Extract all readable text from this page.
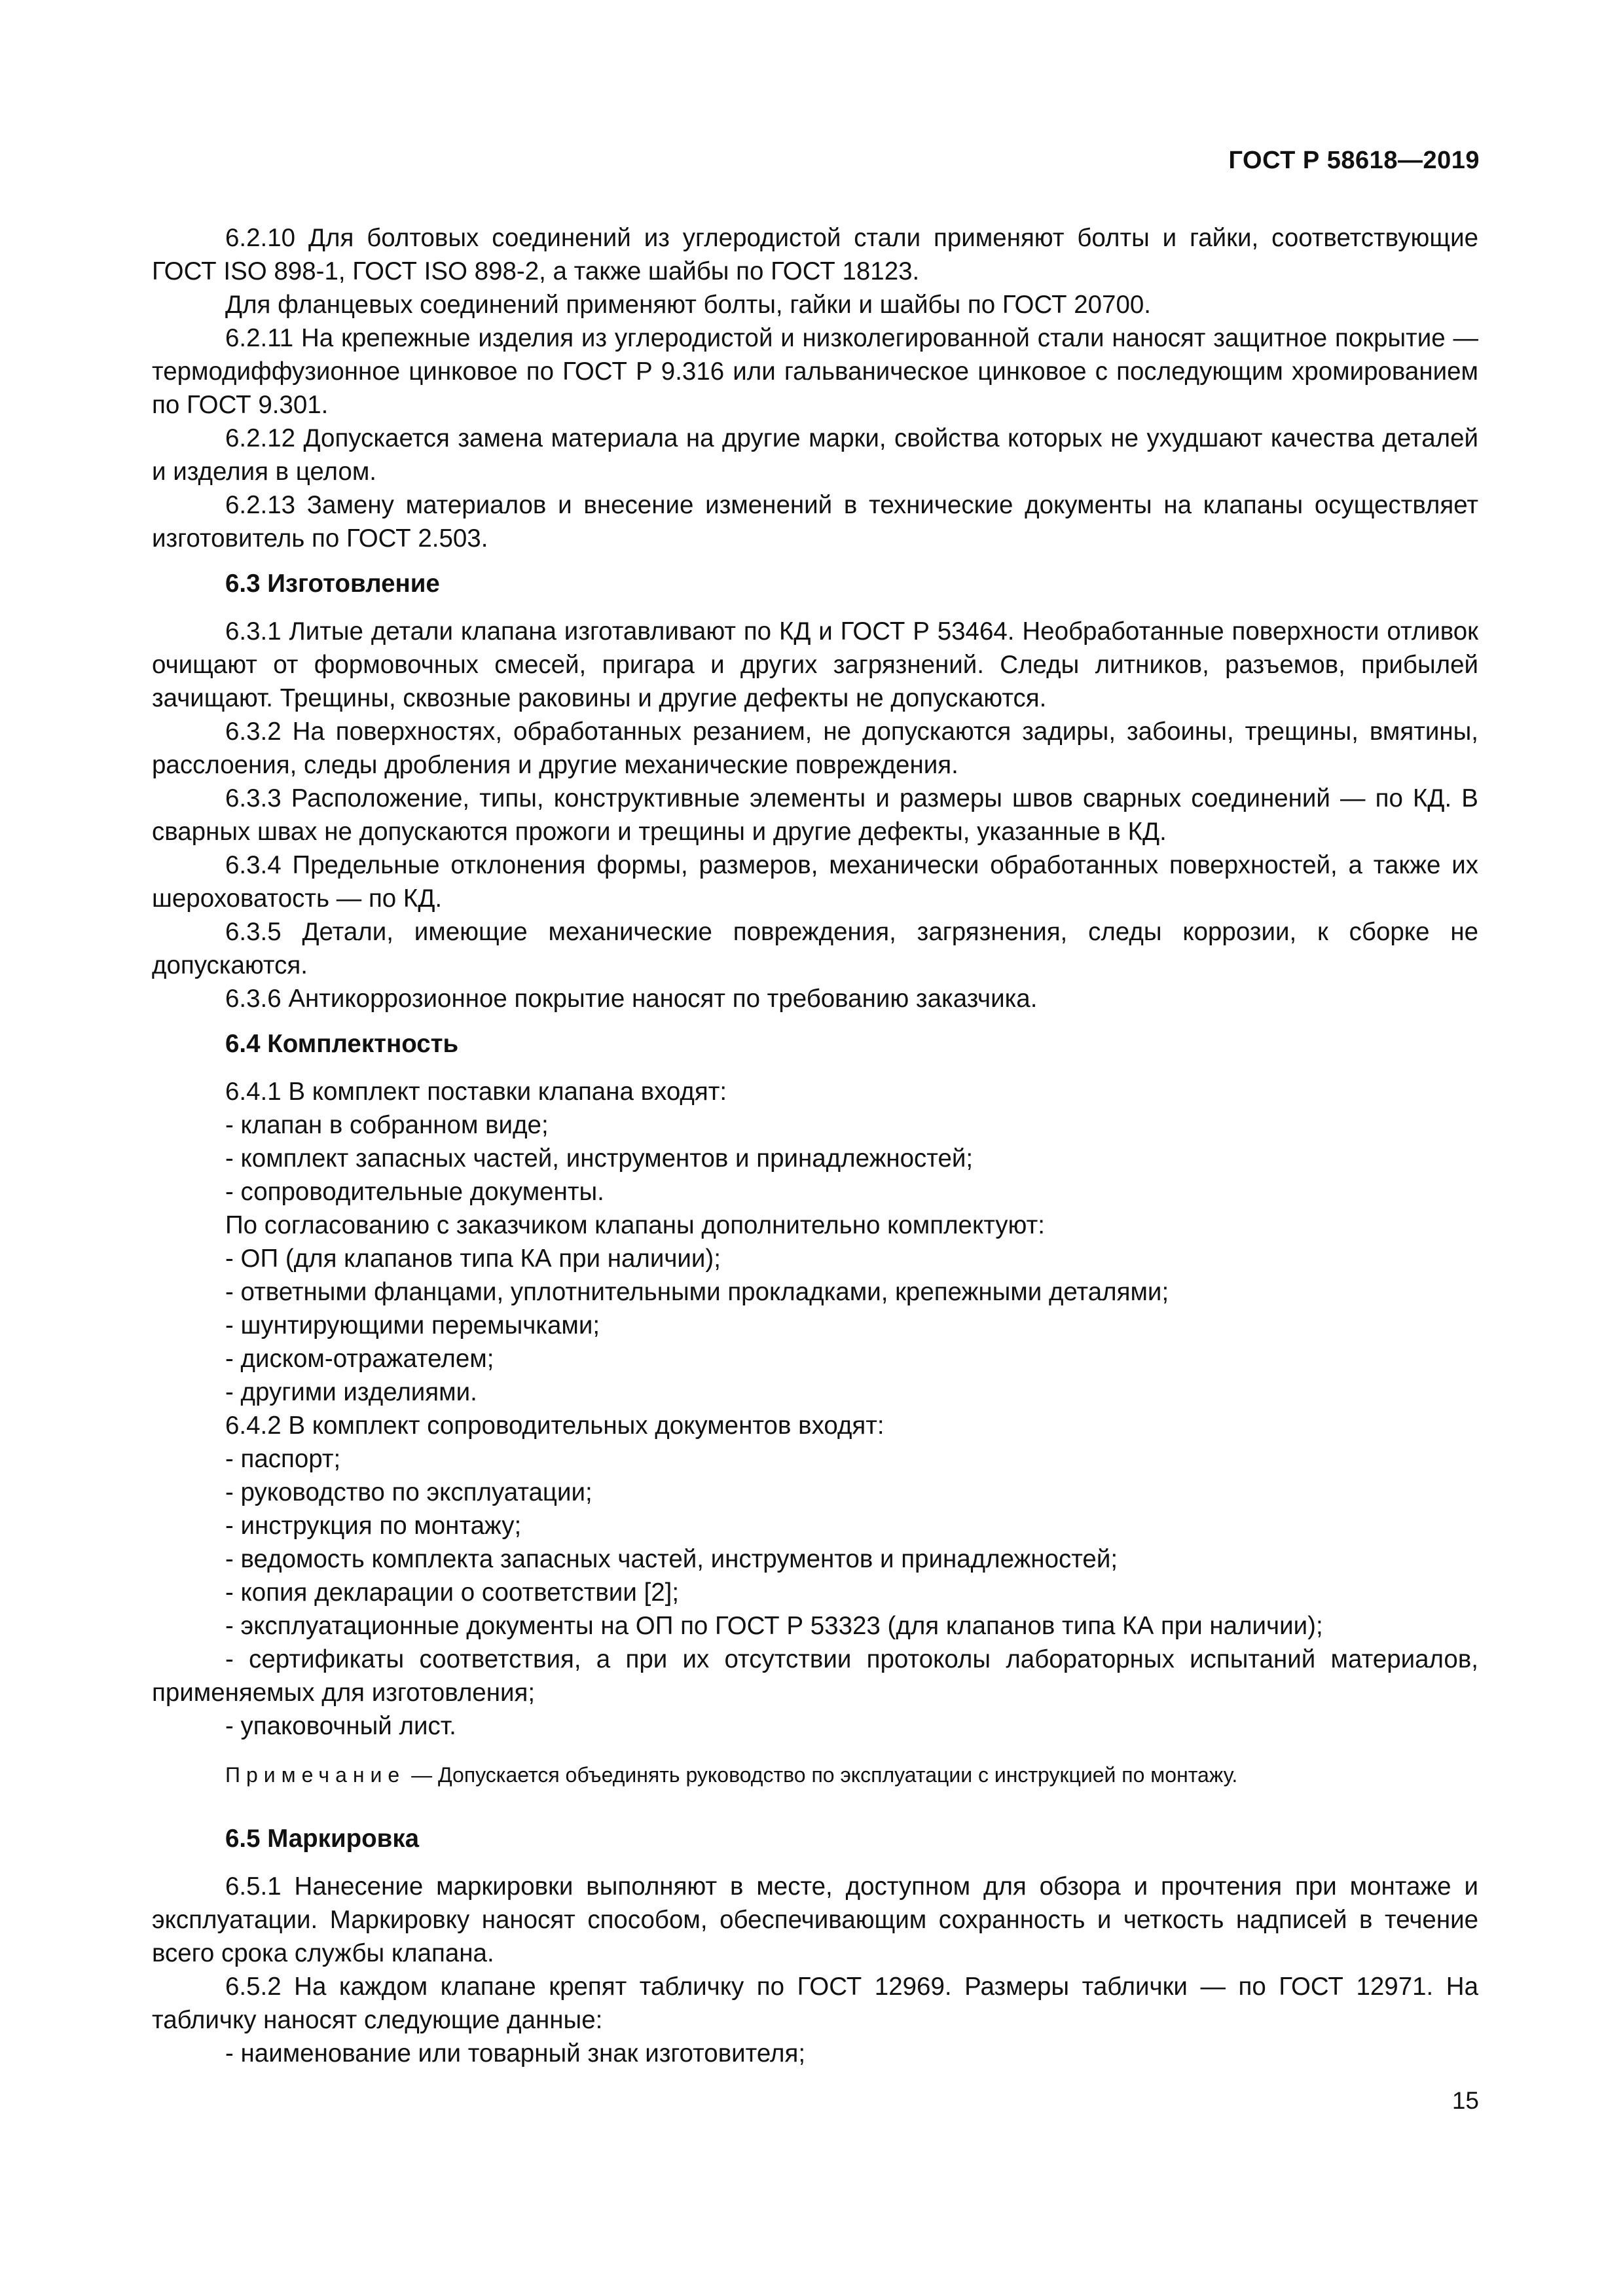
ГОСТ Р 58618—2019
6.2.10 Для болтовых соединений из углеродистой стали применяют болты и гайки, соответствующие ГОСТ ISO 898-1, ГОСТ ISO 898-2, а также шайбы по ГОСТ 18123.
Для фланцевых соединений применяют болты, гайки и шайбы по ГОСТ 20700.
6.2.11 На крепежные изделия из углеродистой и низколегированной стали наносят защитное покрытие — термодиффузионное цинковое по ГОСТ Р 9.316 или гальваническое цинковое с последующим хромированием по ГОСТ 9.301.
6.2.12 Допускается замена материала на другие марки, свойства которых не ухудшают качества деталей и изделия в целом.
6.2.13 Замену материалов и внесение изменений в технические документы на клапаны осуществляет изготовитель по ГОСТ 2.503.
6.3 Изготовление
6.3.1 Литые детали клапана изготавливают по КД и ГОСТ Р 53464. Необработанные поверхности отливок очищают от формовочных смесей, пригара и других загрязнений. Следы литников, разъемов, прибылей зачищают. Трещины, сквозные раковины и другие дефекты не допускаются.
6.3.2 На поверхностях, обработанных резанием, не допускаются задиры, забоины, трещины, вмятины, расслоения, следы дробления и другие механические повреждения.
6.3.3 Расположение, типы, конструктивные элементы и размеры швов сварных соединений — по КД. В сварных швах не допускаются прожоги и трещины и другие дефекты, указанные в КД.
6.3.4 Предельные отклонения формы, размеров, механически обработанных поверхностей, а также их шероховатость — по КД.
6.3.5 Детали, имеющие механические повреждения, загрязнения, следы коррозии, к сборке не допускаются.
6.3.6 Антикоррозионное покрытие наносят по требованию заказчика.
6.4 Комплектность
6.4.1 В комплект поставки клапана входят:
- клапан в собранном виде;
- комплект запасных частей, инструментов и принадлежностей;
- сопроводительные документы.
По согласованию с заказчиком клапаны дополнительно комплектуют:
- ОП (для клапанов типа КА при наличии);
- ответными фланцами, уплотнительными прокладками, крепежными деталями;
- шунтирующими перемычками;
- диском-отражателем;
- другими изделиями.
6.4.2 В комплект сопроводительных документов входят:
- паспорт;
- руководство по эксплуатации;
- инструкция по монтажу;
- ведомость комплекта запасных частей, инструментов и принадлежностей;
- копия декларации о соответствии [2];
- эксплуатационные документы на ОП по ГОСТ Р 53323 (для клапанов типа КА при наличии);
- сертификаты соответствия, а при их отсутствии протоколы лабораторных испытаний материалов, применяемых для изготовления;
- упаковочный лист.
Примечание — Допускается объединять руководство по эксплуатации с инструкцией по монтажу.
6.5 Маркировка
6.5.1 Нанесение маркировки выполняют в месте, доступном для обзора и прочтения при монтаже и эксплуатации. Маркировку наносят способом, обеспечивающим сохранность и четкость надписей в течение всего срока службы клапана.
6.5.2 На каждом клапане крепят табличку по ГОСТ 12969. Размеры таблички — по ГОСТ 12971. На табличку наносят следующие данные:
- наименование или товарный знак изготовителя;
15
